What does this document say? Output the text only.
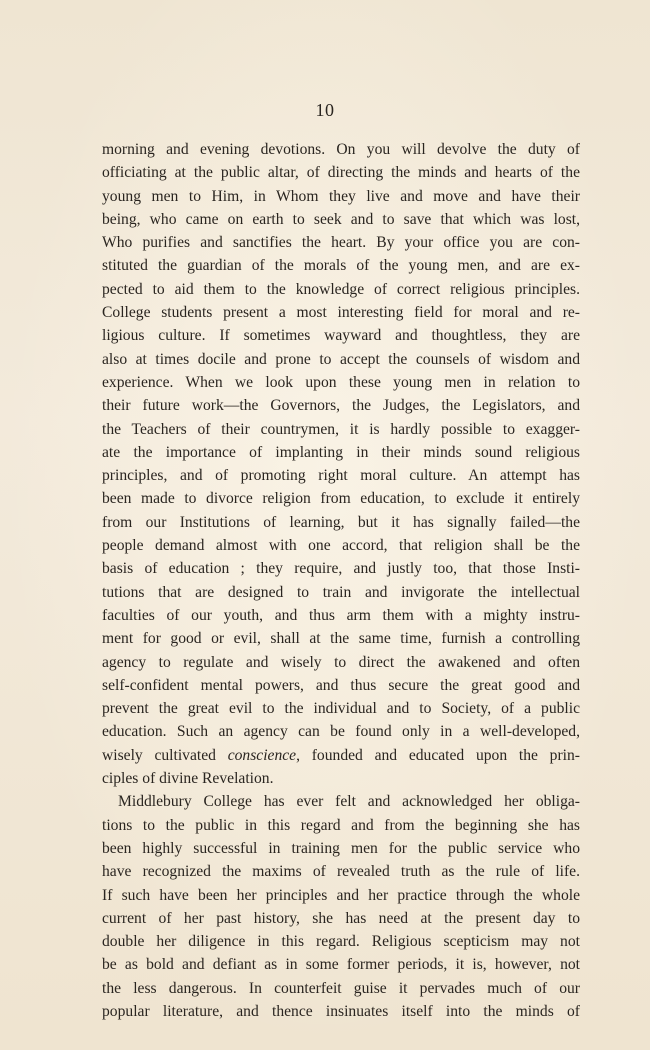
10
morning and evening devotions. On you will devolve the duty of
officiating at the public altar, of directing the minds and hearts of the
young men to Him, in Whom they live and move and have their
being, who came on earth to seek and to save that which was lost,
Who purifies and sanctifies the heart. By your office you are con-
stituted the guardian of the morals of the young men, and are ex-
pected to aid them to the knowledge of correct religious principles.
College students present a most interesting field for moral and re-
ligious culture. If sometimes wayward and thoughtless, they are
also at times docile and prone to accept the counsels of wisdom and
experience. When we look upon these young men in relation to
their future work—the Governors, the Judges, the Legislators, and
the Teachers of their countrymen, it is hardly possible to exagger-
ate the importance of implanting in their minds sound religious
principles, and of promoting right moral culture. An attempt has
been made to divorce religion from education, to exclude it entirely
from our Institutions of learning, but it has signally failed—the
people demand almost with one accord, that religion shall be the
basis of education ; they require, and justly too, that those Insti-
tutions that are designed to train and invigorate the intellectual
faculties of our youth, and thus arm them with a mighty instru-
ment for good or evil, shall at the same time, furnish a controlling
agency to regulate and wisely to direct the awakened and often
self-confident mental powers, and thus secure the great good and
prevent the great evil to the individual and to Society, of a public
education. Such an agency can be found only in a well-developed,
wisely cultivated conscience, founded and educated upon the prin-
ciples of divine Revelation.
Middlebury College has ever felt and acknowledged her obliga-
tions to the public in this regard and from the beginning she has
been highly successful in training men for the public service who
have recognized the maxims of revealed truth as the rule of life.
If such have been her principles and her practice through the whole
current of her past history, she has need at the present day to
double her diligence in this regard. Religious scepticism may not
be as bold and defiant as in some former periods, it is, however, not
the less dangerous. In counterfeit guise it pervades much of our
popular literature, and thence insinuates itself into the minds of
